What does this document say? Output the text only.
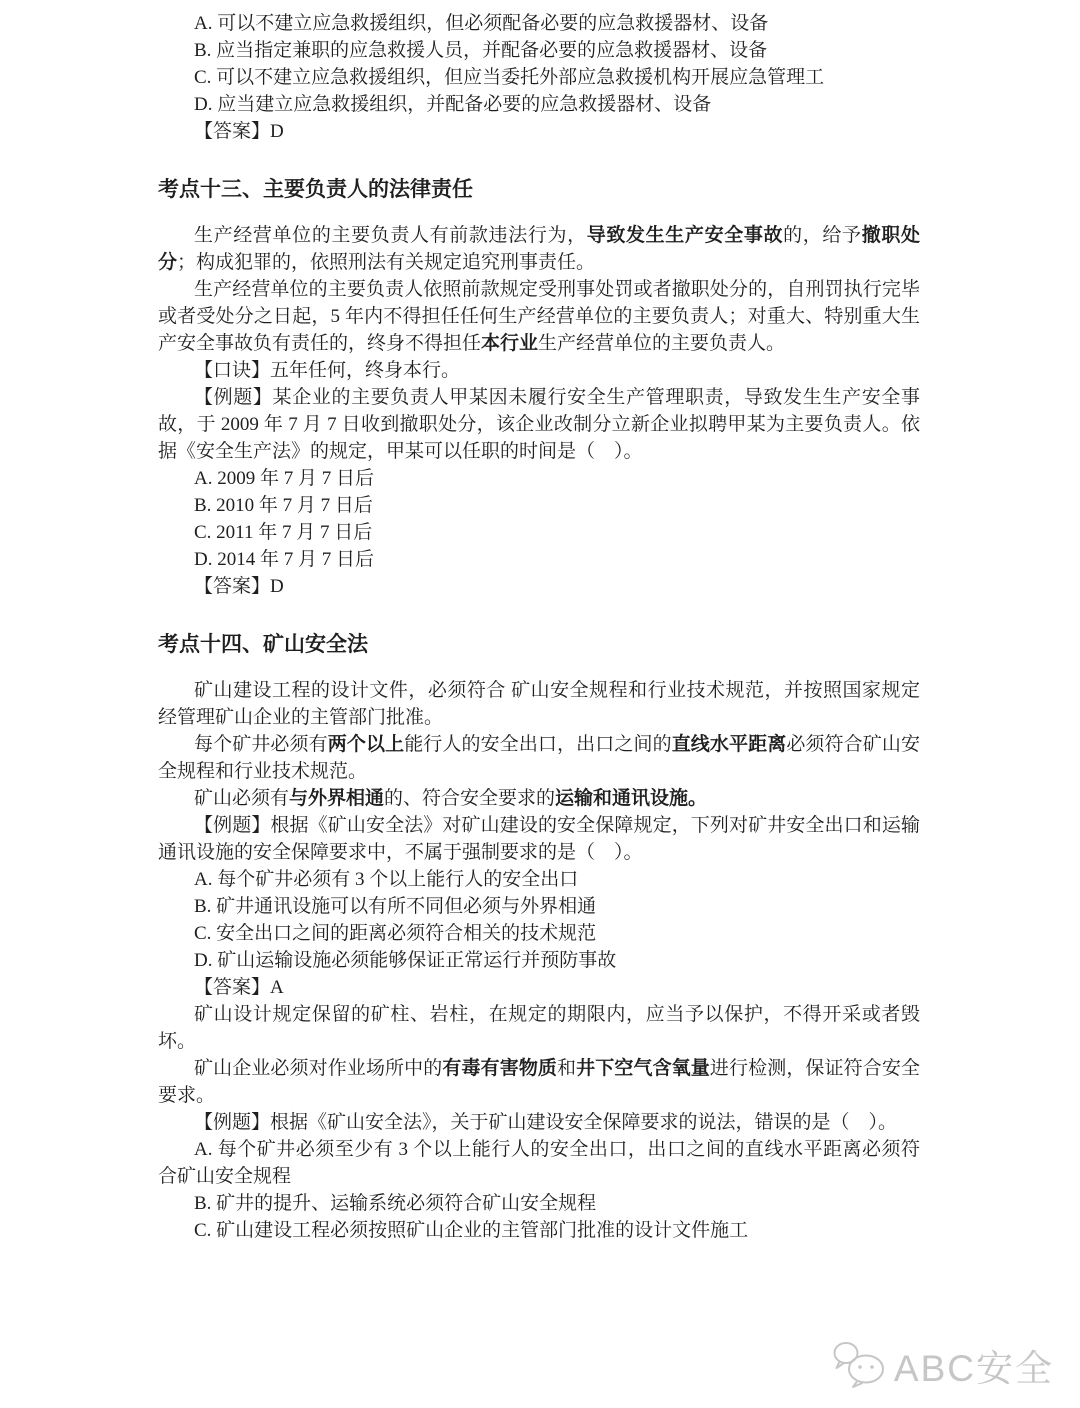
A. 可以不建立应急救援组织，但必须配备必要的应急救援器材、设备

B. 应当指定兼职的应急救援人员，并配备必要的应急救援器材、设备

C. 可以不建立应急救援组织，但应当委托外部应急救援机构开展应急管理工

D. 应当建立应急救援组织，并配备必要的应急救援器材、设备

【答案】D

考点十三、主要负责人的法律责任

生产经营单位的主要负责人有前款违法行为，导致发生生产安全事故的，给予撤职处分；构成犯罪的，依照刑法有关规定追究刑事责任。

生产经营单位的主要负责人依照前款规定受刑事处罚或者撤职处分的，自刑罚执行完毕或者受处分之日起，5 年内不得担任任何生产经营单位的主要负责人；对重大、特别重大生产安全事故负有责任的，终身不得担任本行业生产经营单位的主要负责人。

【口诀】五年任何，终身本行。

【例题】某企业的主要负责人甲某因未履行安全生产管理职责，导致发生生产安全事故，于 2009 年 7 月 7 日收到撤职处分，该企业改制分立新企业拟聘甲某为主要负责人。依据《安全生产法》的规定，甲某可以任职的时间是（　）。

A. 2009 年 7 月 7 日后

B. 2010 年 7 月 7 日后

C. 2011 年 7 月 7 日后

D. 2014 年 7 月 7 日后

【答案】D

考点十四、矿山安全法

矿山建设工程的设计文件，必须符合 矿山安全规程和行业技术规范，并按照国家规定经管理矿山企业的主管部门批准。

每个矿井必须有两个以上能行人的安全出口，出口之间的直线水平距离必须符合矿山安全规程和行业技术规范。

矿山必须有与外界相通的、符合安全要求的运输和通讯设施。

【例题】根据《矿山安全法》对矿山建设的安全保障规定，下列对矿井安全出口和运输通讯设施的安全保障要求中，不属于强制要求的是（　）。

A. 每个矿井必须有 3 个以上能行人的安全出口

B. 矿井通讯设施可以有所不同但必须与外界相通

C. 安全出口之间的距离必须符合相关的技术规范

D. 矿山运输设施必须能够保证正常运行并预防事故

【答案】A

矿山设计规定保留的矿柱、岩柱，在规定的期限内，应当予以保护，不得开采或者毁坏。

矿山企业必须对作业场所中的有毒有害物质和井下空气含氧量进行检测，保证符合安全要求。

【例题】根据《矿山安全法》，关于矿山建设安全保障要求的说法，错误的是（　）。

A. 每个矿井必须至少有 3 个以上能行人的安全出口，出口之间的直线水平距离必须符合矿山安全规程

B. 矿井的提升、运输系统必须符合矿山安全规程

C. 矿山建设工程必须按照矿山企业的主管部门批准的设计文件施工

ABC安全
